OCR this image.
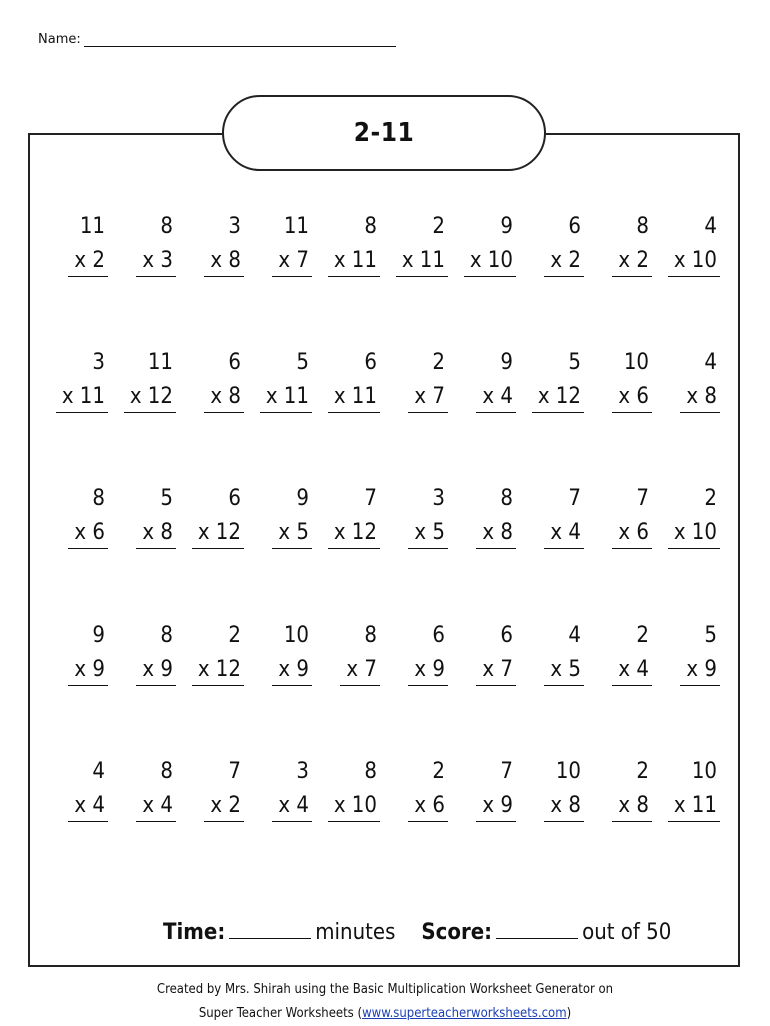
Name:
2-11
11
x 2
8
x 3
3
x 8
11
x 7
8
x 11
2
x 11
9
x 10
6
x 2
8
x 2
4
x 10
3
x 11
11
x 12
6
x 8
5
x 11
6
x 11
2
x 7
9
x 4
5
x 12
10
x 6
4
x 8
8
x 6
5
x 8
6
x 12
9
x 5
7
x 12
3
x 5
8
x 8
7
x 4
7
x 6
2
x 10
9
x 9
8
x 9
2
x 12
10
x 9
8
x 7
6
x 9
6
x 7
4
x 5
2
x 4
5
x 9
4
x 4
8
x 4
7
x 2
3
x 4
8
x 10
2
x 6
7
x 9
10
x 8
2
x 8
10
x 11
Time:	minutes Score:	out of 50
Created by Mrs. Shirah using the Basic Multiplication Worksheet Generator on
Super Teacher Worksheets (www.superteacherworksheets.com)
